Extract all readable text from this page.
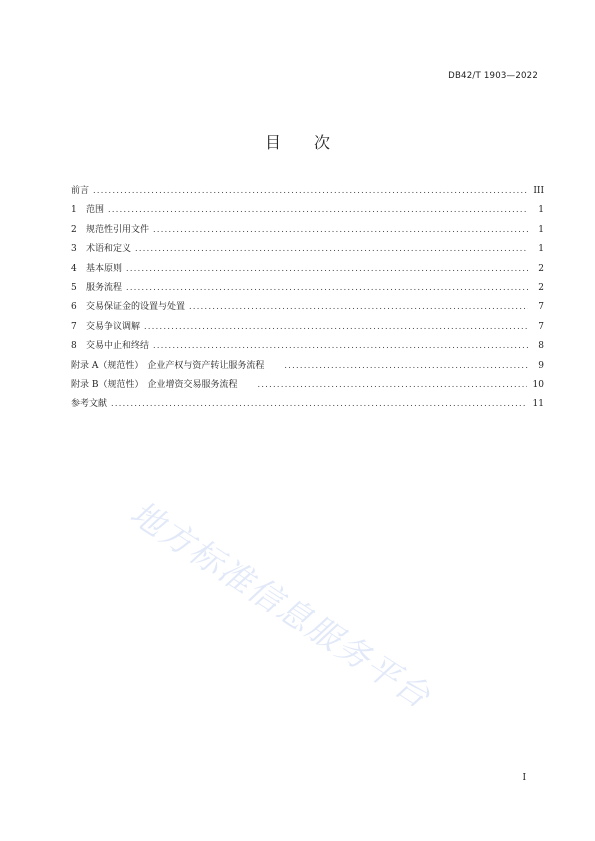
DB42/T 1903—2022
目 次
前言 . . .	III
1	范围 . . .	1
2	规范性引用文件 . . .	1
3	术语和定义 . . .	1
4	基本原则 . . .	2
5	服务流程 . . .	2
6	交易保证金的设置与处置 . . .	7
7	交易争议调解 . . .	7
8	交易中止和终结 . . .	8
附录 A（规范性） 企业产权与资产转让服务流程 . . .	9
附录 B（规范性） 企业增资交易服务流程 . . .	10
参考文献 . . .	11
地方标准信息服务平台
I
